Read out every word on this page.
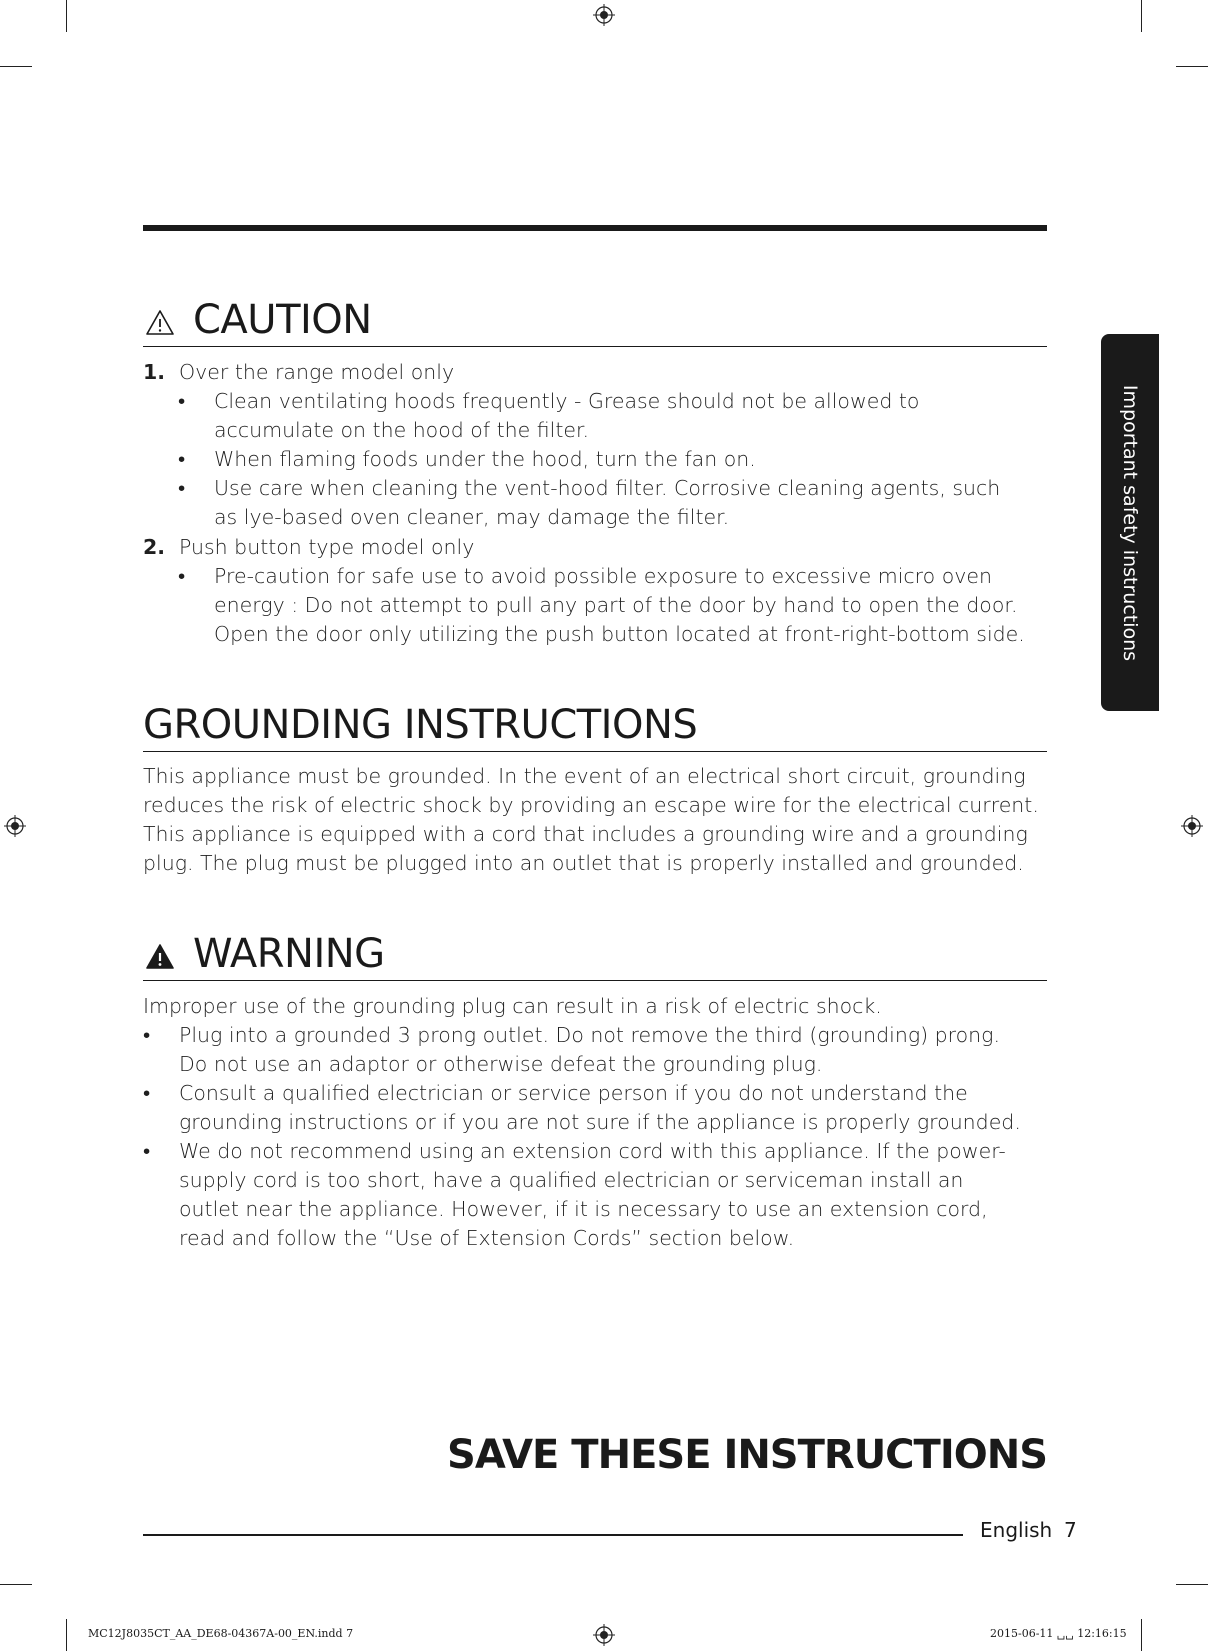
Important safety instructions
CAUTION
1. Over the range model only
•	Clean ventilating hoods frequently - Grease should not be allowed to accumulate on the hood of the filter.
•	When flaming foods under the hood, turn the fan on.
•	Use care when cleaning the vent-hood filter. Corrosive cleaning agents, such as lye-based oven cleaner, may damage the filter.
2. Push button type model only
•	Pre-caution for safe use to avoid possible exposure to excessive micro oven energy : Do not attempt to pull any part of the door by hand to open the door. Open the door only utilizing the push button located at front-right-bottom side.
GROUNDING INSTRUCTIONS
This appliance must be grounded. In the event of an electrical short circuit, grounding reduces the risk of electric shock by providing an escape wire for the electrical current. This appliance is equipped with a cord that includes a grounding wire and a grounding plug. The plug must be plugged into an outlet that is properly installed and grounded.
WARNING
Improper use of the grounding plug can result in a risk of electric shock.
•	Plug into a grounded 3 prong outlet. Do not remove the third (grounding) prong. Do not use an adaptor or otherwise defeat the grounding plug.
•	Consult a qualified electrician or service person if you do not understand the grounding instructions or if you are not sure if the appliance is properly grounded.
•	We do not recommend using an extension cord with this appliance. If the power-supply cord is too short, have a qualified electrician or serviceman install an outlet near the appliance. However, if it is necessary to use an extension cord, read and follow the “Use of Extension Cords” section below.
SAVE THESE INSTRUCTIONS
English 7
MC12J8035CT_AA_DE68-04367A-00_EN.indd 7	2015-06-11 ␣␣ 12:16:15
